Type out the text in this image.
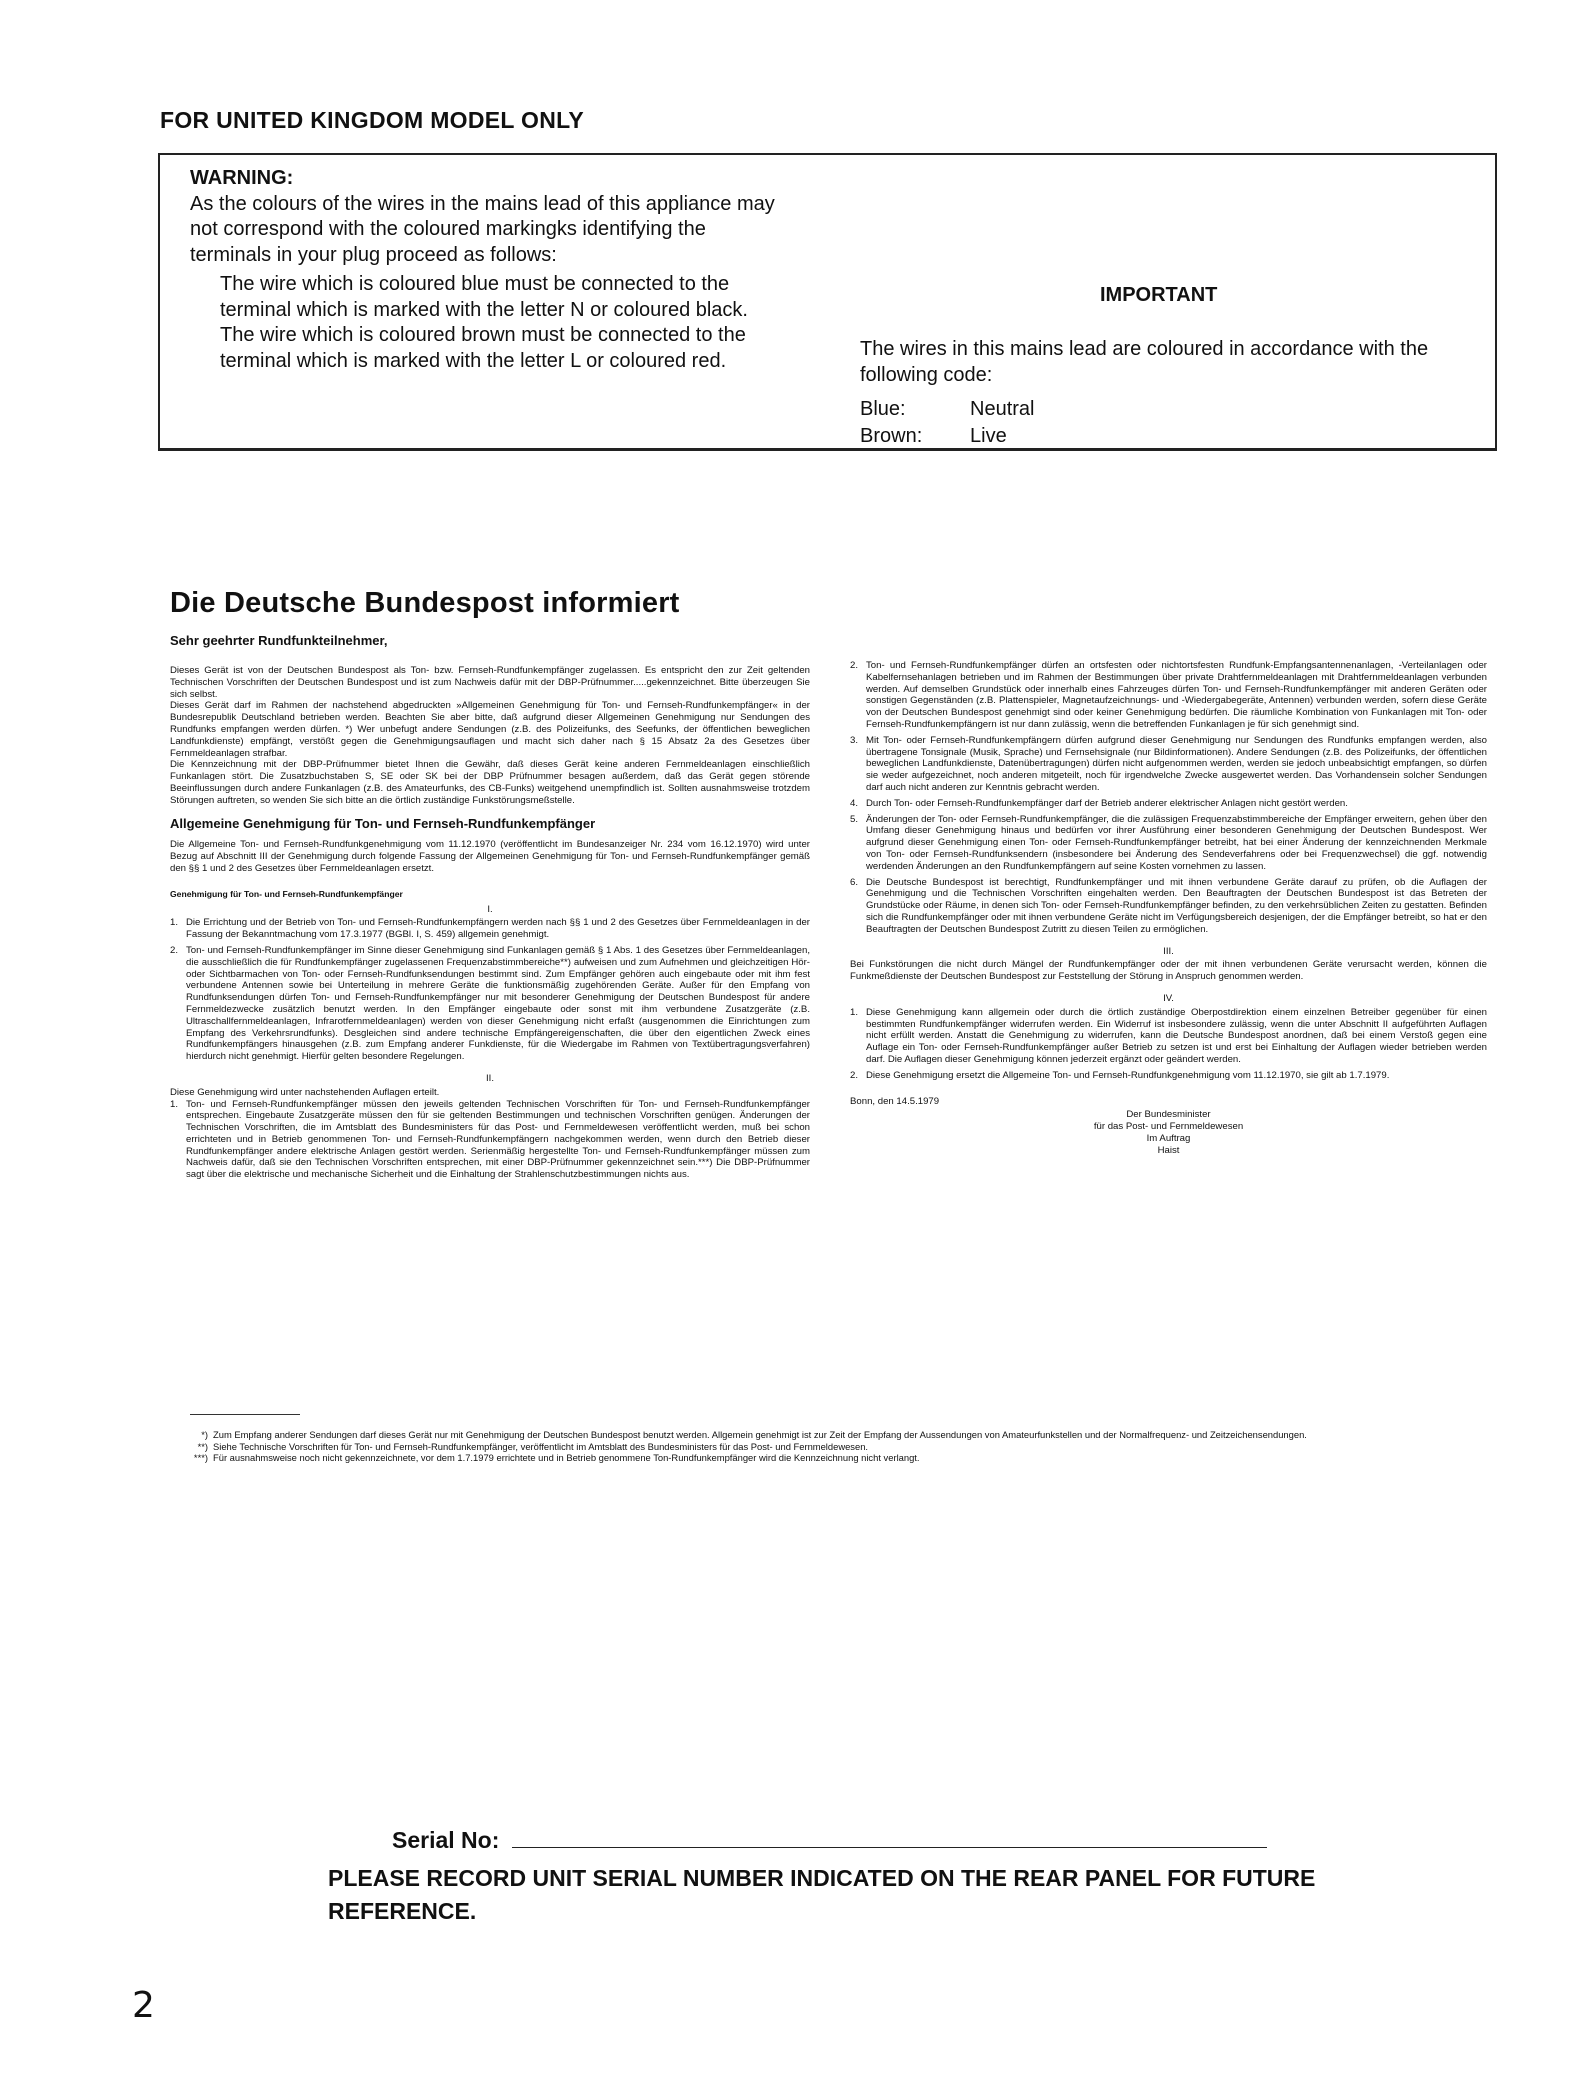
FOR UNITED KINGDOM MODEL ONLY

WARNING:

As the colours of the wires in the mains lead of this appliance may not correspond with the coloured markingks identifying the terminals in your plug proceed as follows:

The wire which is coloured blue must be connected to the terminal which is marked with the letter N or coloured black.

The wire which is coloured brown must be connected to the terminal which is marked with the letter L or coloured red.

IMPORTANT
The wires in this mains lead are coloured in accordance with the following code:
Blue:	Neutral
Brown:	Live
Die Deutsche Bundespost informiert
Sehr geehrter Rundfunkteilnehmer,

Dieses Gerät ist von der Deutschen Bundespost als Ton- bzw. Fernseh-Rundfunkempfänger zugelassen. Es entspricht den zur Zeit geltenden Technischen Vorschriften der Deutschen Bundespost und ist zum Nachweis dafür mit der DBP-Prüfnummer.....gekennzeichnet. Bitte überzeugen Sie sich selbst.

Dieses Gerät darf im Rahmen der nachstehend abgedruckten »Allgemeinen Genehmigung für Ton- und Fernseh-Rundfunkempfänger« in der Bundesrepublik Deutschland betrieben werden. Beachten Sie aber bitte, daß aufgrund dieser Allgemeinen Genehmigung nur Sendungen des Rundfunks empfangen werden dürfen. *) Wer unbefugt andere Sendungen (z.B. des Polizeifunks, des Seefunks, der öffentlichen beweglichen Landfunkdienste) empfängt, verstößt gegen die Genehmigungsauflagen und macht sich daher nach § 15 Absatz 2a des Gesetzes über Fernmeldeanlagen strafbar.

Die Kennzeichnung mit der DBP-Prüfnummer bietet Ihnen die Gewähr, daß dieses Gerät keine anderen Fernmeldeanlagen einschließlich Funkanlagen stört. Die Zusatzbuchstaben S, SE oder SK bei der DBP Prüfnummer besagen außerdem, daß das Gerät gegen störende Beeinflussungen durch andere Funkanlagen (z.B. des Amateurfunks, des CB-Funks) weitgehend unempfindlich ist. Sollten ausnahmsweise trotzdem Störungen auftreten, so wenden Sie sich bitte an die örtlich zuständige Funkstörungsmeßstelle.

Allgemeine Genehmigung für Ton- und Fernseh-Rundfunkempfänger

Die Allgemeine Ton- und Fernseh-Rundfunkgenehmigung vom 11.12.1970 (veröffentlicht im Bundesanzeiger Nr. 234 vom 16.12.1970) wird unter Bezug auf Abschnitt III der Genehmigung durch folgende Fassung der Allgemeinen Genehmigung für Ton- und Fernseh-Rundfunkempfänger gemäß den §§ 1 und 2 des Gesetzes über Fernmeldeanlagen ersetzt.

Genehmigung für Ton- und Fernseh-Rundfunkempfänger

I.

1. Die Errichtung und der Betrieb von Ton- und Fernseh-Rundfunkempfängern werden nach §§ 1 und 2 des Gesetzes über Fernmeldeanlagen in der Fassung der Bekanntmachung vom 17.3.1977 (BGBl. I, S. 459) allgemein genehmigt.
2. Ton- und Fernseh-Rundfunkempfänger im Sinne dieser Genehmigung sind Funkanlagen gemäß § 1 Abs. 1 des Gesetzes über Fernmeldeanlagen, die ausschließlich die für Rundfunkempfänger zugelassenen Frequenzabstimmbereiche**) aufweisen und zum Aufnehmen und gleichzeitigen Hör- oder Sichtbarmachen von Ton- oder Fernseh-Rundfunksendungen bestimmt sind. Zum Empfänger gehören auch eingebaute oder mit ihm fest verbundene Antennen sowie bei Unterteilung in mehrere Geräte die funktionsmäßig zugehörenden Geräte. Außer für den Empfang von Rundfunksendungen dürfen Ton- und Fernseh-Rundfunkempfänger nur mit besonderer Genehmigung der Deutschen Bundespost für andere Fernmeldezwecke zusätzlich benutzt werden. In den Empfänger eingebaute oder sonst mit ihm verbundene Zusatzgeräte (z.B. Ultraschallfernmeldeanlagen, Infrarotfernmeldeanlagen) werden von dieser Genehmigung nicht erfaßt (ausgenommen die Einrichtungen zum Empfang des Verkehrsrundfunks). Desgleichen sind andere technische Empfängereigenschaften, die über den eigentlichen Zweck eines Rundfunkempfängers hinausgehen (z.B. zum Empfang anderer Funkdienste, für die Wiedergabe im Rahmen von Textübertragungsverfahren) hierdurch nicht genehmigt. Hierfür gelten besondere Regelungen.

II.

Diese Genehmigung wird unter nachstehenden Auflagen erteilt.

1. Ton- und Fernseh-Rundfunkempfänger müssen den jeweils geltenden Technischen Vorschriften für Ton- und Fernseh-Rundfunkempfänger entsprechen. Eingebaute Zusatzgeräte müssen den für sie geltenden Bestimmungen und technischen Vorschriften genügen. Änderungen der Technischen Vorschriften, die im Amtsblatt des Bundesministers für das Post- und Fernmeldewesen veröffentlicht werden, muß bei schon errichteten und in Betrieb genommenen Ton- und Fernseh-Rundfunkempfängern nachgekommen werden, wenn durch den Betrieb dieser Rundfunkempfänger andere elektrische Anlagen gestört werden. Serienmäßig hergestellte Ton- und Fernseh-Rundfunkempfänger müssen zum Nachweis dafür, daß sie den Technischen Vorschriften entsprechen, mit einer DBP-Prüfnummer gekennzeichnet sein.***) Die DBP-Prüfnummer sagt über die elektrische und mechanische Sicherheit und die Einhaltung der Strahlenschutzbestimmungen nichts aus.
2. Ton- und Fernseh-Rundfunkempfänger dürfen an ortsfesten oder nichtortsfesten Rundfunk-Empfangsantennenanlagen, -Verteilanlagen oder Kabelfernsehanlagen betrieben und im Rahmen der Bestimmungen über private Drahtfernmeldeanlagen mit Drahtfernmeldeanlagen verbunden werden. Auf demselben Grundstück oder innerhalb eines Fahrzeuges dürfen Ton- und Fernseh-Rundfunkempfänger mit anderen Geräten oder sonstigen Gegenständen (z.B. Plattenspieler, Magnetaufzeichnungs- und -Wiedergabegeräte, Antennen) verbunden werden, sofern diese Geräte von der Deutschen Bundespost genehmigt sind oder keiner Genehmigung bedürfen. Die räumliche Kombination von Funkanlagen mit Ton- oder Fernseh-Rundfunkempfängern ist nur dann zulässig, wenn die betreffenden Funkanlagen je für sich genehmigt sind.
3. Mit Ton- oder Fernseh-Rundfunkempfängern dürfen aufgrund dieser Genehmigung nur Sendungen des Rundfunks empfangen werden, also übertragene Tonsignale (Musik, Sprache) und Fernsehsignale (nur Bildinformationen). Andere Sendungen (z.B. des Polizeifunks, der öffentlichen beweglichen Landfunkdienste, Datenübertragungen) dürfen nicht aufgenommen werden, werden sie jedoch unbeabsichtigt empfangen, so dürfen sie weder aufgezeichnet, noch anderen mitgeteilt, noch für irgendwelche Zwecke ausgewertet werden. Das Vorhandensein solcher Sendungen darf auch nicht anderen zur Kenntnis gebracht werden.
4. Durch Ton- oder Fernseh-Rundfunkempfänger darf der Betrieb anderer elektrischer Anlagen nicht gestört werden.
5. Änderungen der Ton- oder Fernseh-Rundfunkempfänger, die die zulässigen Frequenzabstimmbereiche der Empfänger erweitern, gehen über den Umfang dieser Genehmigung hinaus und bedürfen vor ihrer Ausführung einer besonderen Genehmigung der Deutschen Bundespost. Wer aufgrund dieser Genehmigung einen Ton- oder Fernseh-Rundfunkempfänger betreibt, hat bei einer Änderung der kennzeichnenden Merkmale von Ton- oder Fernseh-Rundfunksendern (insbesondere bei Änderung des Sendeverfahrens oder bei Frequenzwechsel) die ggf. notwendig werdenden Änderungen an den Rundfunkempfängern auf seine Kosten vornehmen zu lassen.
6. Die Deutsche Bundespost ist berechtigt, Rundfunkempfänger und mit ihnen verbundene Geräte darauf zu prüfen, ob die Auflagen der Genehmigung und die Technischen Vorschriften eingehalten werden. Den Beauftragten der Deutschen Bundespost ist das Betreten der Grundstücke oder Räume, in denen sich Ton- oder Fernseh-Rundfunkempfänger befinden, zu den verkehrsüblichen Zeiten zu gestatten. Befinden sich die Rundfunkempfänger oder mit ihnen verbundene Geräte nicht im Verfügungsbereich desjenigen, der die Empfänger betreibt, so hat er den Beauftragten der Deutschen Bundespost Zutritt zu diesen Teilen zu ermöglichen.

III.

Bei Funkstörungen die nicht durch Mängel der Rundfunkempfänger oder der mit ihnen verbundenen Geräte verursacht werden, können die Funkmeßdienste der Deutschen Bundespost zur Feststellung der Störung in Anspruch genommen werden.

IV.

1. Diese Genehmigung kann allgemein oder durch die örtlich zuständige Oberpostdirektion einem einzelnen Betreiber gegenüber für einen bestimmten Rundfunkempfänger widerrufen werden. Ein Widerruf ist insbesondere zulässig, wenn die unter Abschnitt II aufgeführten Auflagen nicht erfüllt werden. Anstatt die Genehmigung zu widerrufen, kann die Deutsche Bundespost anordnen, daß bei einem Verstoß gegen eine Auflage ein Ton- oder Fernseh-Rundfunkempfänger außer Betrieb zu setzen ist und erst bei Einhaltung der Auflagen wieder betrieben werden darf. Die Auflagen dieser Genehmigung können jederzeit ergänzt oder geändert werden.
2. Diese Genehmigung ersetzt die Allgemeine Ton- und Fernseh-Rundfunkgenehmigung vom 11.12.1970, sie gilt ab 1.7.1979.

Bonn, den 14.5.1979

Der Bundesminister
für das Post- und Fernmeldewesen
Im Auftrag
Haist

*) Zum Empfang anderer Sendungen darf dieses Gerät nur mit Genehmigung der Deutschen Bundespost benutzt werden. Allgemein genehmigt ist zur Zeit der Empfang der Aussendungen von Amateurfunkstellen und der Normalfrequenz- und Zeitzeichensendungen.

**) Siehe Technische Vorschriften für Ton- und Fernseh-Rundfunkempfänger, veröffentlicht im Amtsblatt des Bundesministers für das Post- und Fernmeldewesen.

***) Für ausnahmsweise noch nicht gekennzeichnete, vor dem 1.7.1979 errichtete und in Betrieb genommene Ton-Rundfunkempfänger wird die Kennzeichnung nicht verlangt.

Serial No:
PLEASE RECORD UNIT SERIAL NUMBER INDICATED ON THE REAR PANEL FOR FUTURE REFERENCE.
2
